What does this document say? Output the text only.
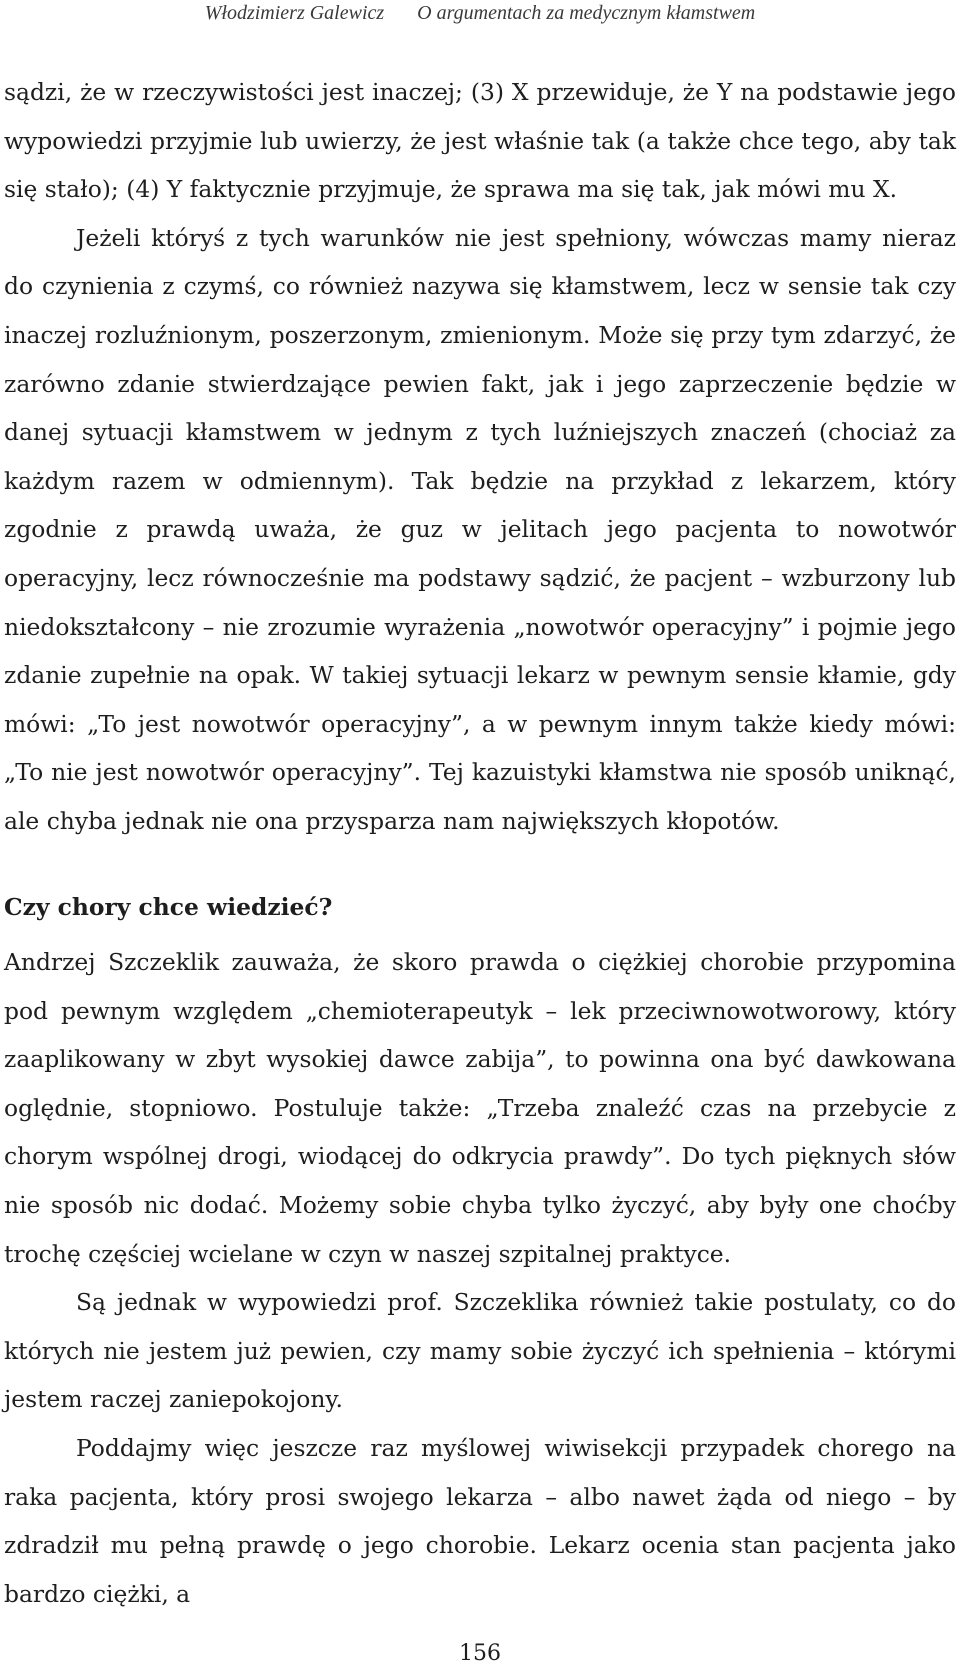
Włodzimierz Galewicz O argumentach za medycznym kłamstwem

sądzi, że w rzeczywistości jest inaczej; (3) X przewiduje, że Y na podstawie jego wypowiedzi przyjmie lub uwierzy, że jest właśnie tak (a także chce tego, aby tak się stało); (4) Y faktycznie przyjmuje, że sprawa ma się tak, jak mówi mu X.

Jeżeli któryś z tych warunków nie jest spełniony, wówczas mamy nieraz do czynienia z czymś, co również nazywa się kłamstwem, lecz w sensie tak czy inaczej rozluźnionym, poszerzonym, zmienionym. Może się przy tym zdarzyć, że zarówno zdanie stwierdzające pewien fakt, jak i jego zaprzeczenie będzie w danej sytuacji kłamstwem w jednym z tych luźniejszych znaczeń (chociaż za każdym razem w odmiennym). Tak będzie na przykład z lekarzem, który zgodnie z prawdą uważa, że guz w jelitach jego pacjenta to nowotwór operacyjny, lecz równocześnie ma podstawy sądzić, że pacjent – wzburzony lub niedokształcony – nie zrozumie wyrażenia „nowotwór operacyjny” i pojmie jego zdanie zupełnie na opak. W takiej sytuacji lekarz w pewnym sensie kłamie, gdy mówi: „To jest nowotwór operacyjny”, a w pewnym innym także kiedy mówi: „To nie jest nowotwór operacyjny”. Tej kazuistyki kłamstwa nie sposób uniknąć, ale chyba jednak nie ona przysparza nam największych kłopotów.

Czy chory chce wiedzieć?

Andrzej Szczeklik zauważa, że skoro prawda o ciężkiej chorobie przypomina pod pewnym względem „chemioterapeutyk – lek przeciwnowotworowy, który zaaplikowany w zbyt wysokiej dawce zabija”, to powinna ona być dawkowana oględnie, stopniowo. Postuluje także: „Trzeba znaleźć czas na przebycie z chorym wspólnej drogi, wiodącej do odkrycia prawdy”. Do tych pięknych słów nie sposób nic dodać. Możemy sobie chyba tylko życzyć, aby były one choćby trochę częściej wcielane w czyn w naszej szpitalnej praktyce.

Są jednak w wypowiedzi prof. Szczeklika również takie postulaty, co do których nie jestem już pewien, czy mamy sobie życzyć ich spełnienia – którymi jestem raczej zaniepokojony.

Poddajmy więc jeszcze raz myślowej wiwisekcji przypadek chorego na raka pacjenta, który prosi swojego lekarza – albo nawet żąda od niego – by zdradził mu pełną prawdę o jego chorobie. Lekarz ocenia stan pacjenta jako bardzo ciężki, a

156
